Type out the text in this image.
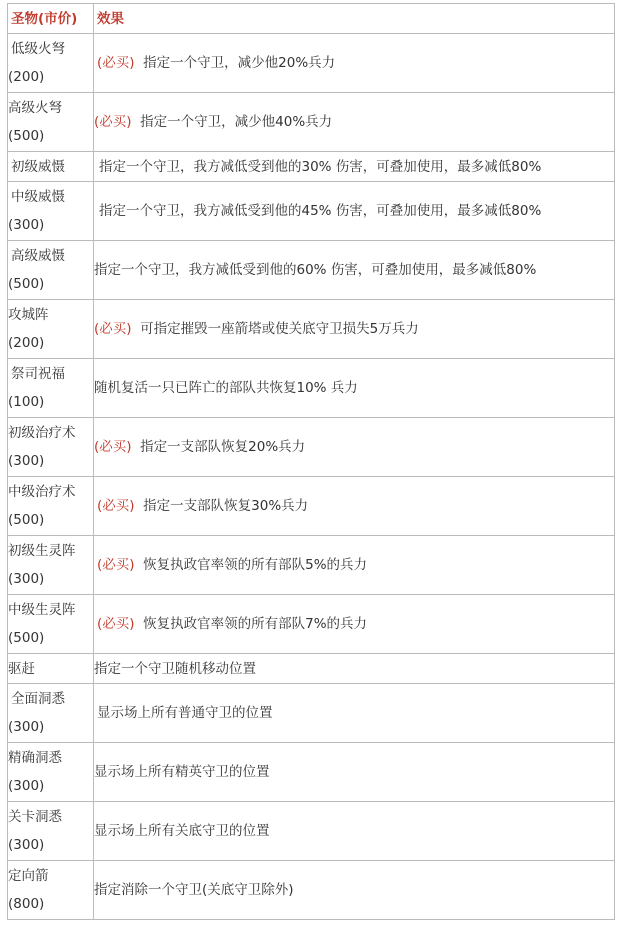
圣物(市价)	效果

低级火弩
(200)	(必买) 指定一个守卫，减少他20%兵力

高级火弩
(500)	(必买) 指定一个守卫，减少他40%兵力

初级威慑	指定一个守卫，我方减低受到他的30% 伤害，可叠加使用，最多减低80%

中级威慑
(300)	指定一个守卫，我方减低受到他的45% 伤害，可叠加使用，最多减低80%

高级威慑
(500)	指定一个守卫，我方减低受到他的60% 伤害，可叠加使用，最多减低80%

攻城阵
(200)	(必买) 可指定摧毁一座箭塔或使关底守卫损失5万兵力

祭司祝福
(100)	随机复活一只已阵亡的部队共恢复10% 兵力

初级治疗术
(300)	(必买) 指定一支部队恢复20%兵力

中级治疗术
(500)	(必买) 指定一支部队恢复30%兵力

初级生灵阵
(300)	(必买) 恢复执政官率领的所有部队5%的兵力

中级生灵阵
(500)	(必买) 恢复执政官率领的所有部队7%的兵力

驱赶	指定一个守卫随机移动位置

全面洞悉
(300)	显示场上所有普通守卫的位置

精确洞悉
(300)	显示场上所有精英守卫的位置

关卡洞悉
(300)	显示场上所有关底守卫的位置

定向箭
(800)	指定消除一个守卫(关底守卫除外)
